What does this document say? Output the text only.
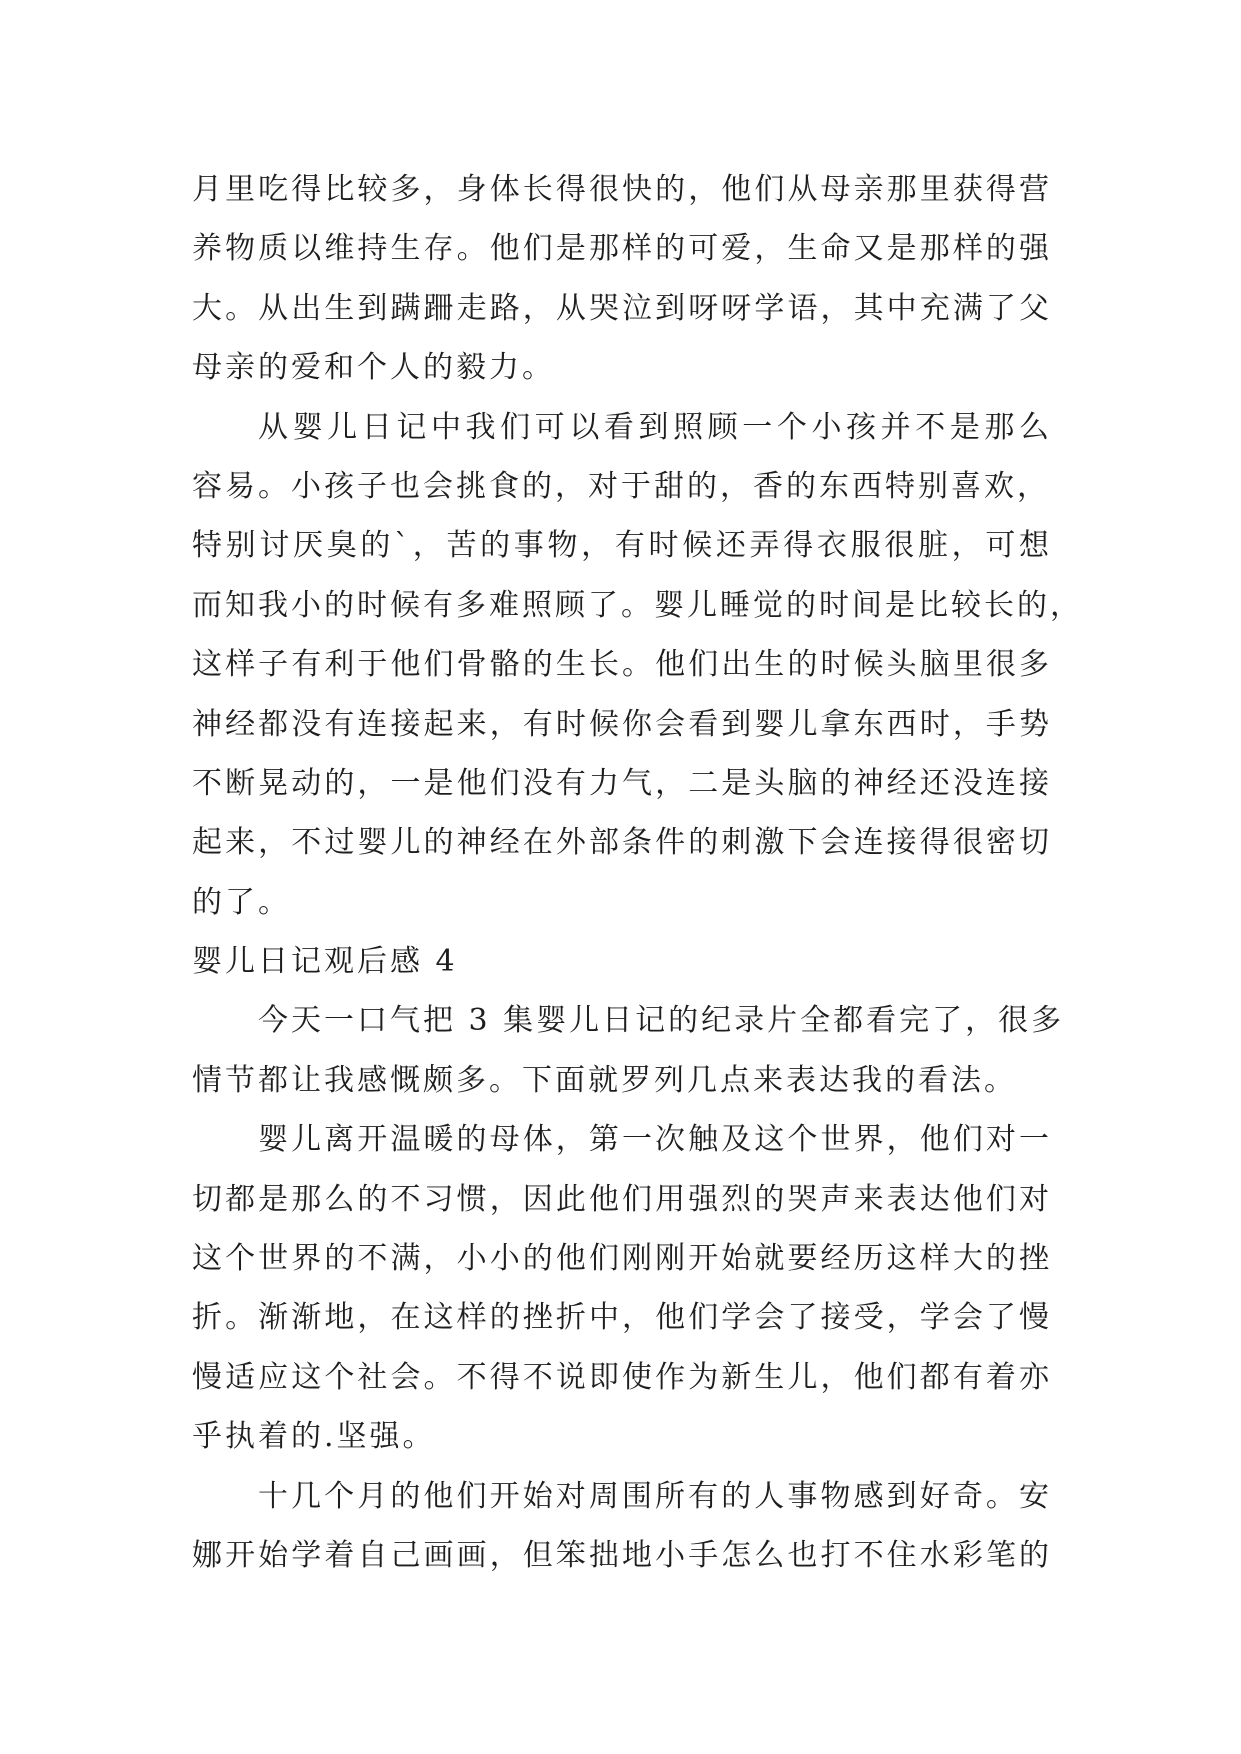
月里吃得比较多，身体长得很快的，他们从母亲那里获得营
养物质以维持生存。他们是那样的可爱，生命又是那样的强
大。从出生到蹒跚走路，从哭泣到呀呀学语，其中充满了父
母亲的爱和个人的毅力。
从婴儿日记中我们可以看到照顾一个小孩并不是那么
容易。小孩子也会挑食的，对于甜的，香的东西特别喜欢，
特别讨厌臭的`，苦的事物，有时候还弄得衣服很脏，可想
而知我小的时候有多难照顾了。婴儿睡觉的时间是比较长的，
这样子有利于他们骨骼的生长。他们出生的时候头脑里很多
神经都没有连接起来，有时候你会看到婴儿拿东西时，手势
不断晃动的，一是他们没有力气，二是头脑的神经还没连接
起来，不过婴儿的神经在外部条件的刺激下会连接得很密切
的了。
婴儿日记观后感 4
今天一口气把 3 集婴儿日记的纪录片全都看完了，很多
情节都让我感慨颇多。下面就罗列几点来表达我的看法。
婴儿离开温暖的母体，第一次触及这个世界，他们对一
切都是那么的不习惯，因此他们用强烈的哭声来表达他们对
这个世界的不满，小小的他们刚刚开始就要经历这样大的挫
折。渐渐地，在这样的挫折中，他们学会了接受，学会了慢
慢适应这个社会。不得不说即使作为新生儿，他们都有着亦
乎执着的.坚强。
十几个月的他们开始对周围所有的人事物感到好奇。安
娜开始学着自己画画，但笨拙地小手怎么也打不住水彩笔的
